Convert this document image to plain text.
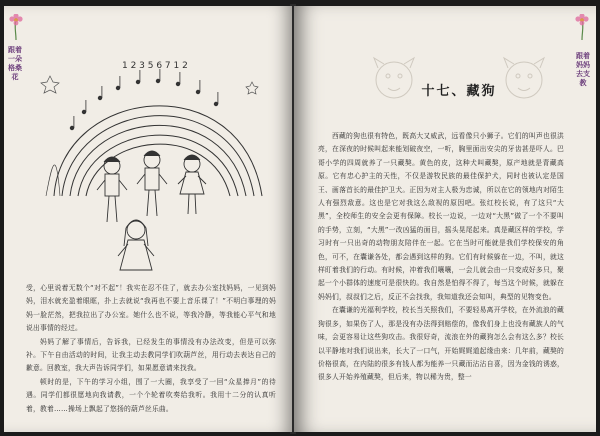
跟着一朵格桑花
1 2 3 5 6 7 1 2

受，心里说着无数个“对不起”！我实在忍不住了，就去办公室找妈妈，一见到妈妈，泪水就充盈着眼眶，扑上去就说“我再也不要上音乐课了！”不明白事理的妈妈一脸茫然，把我拉出了办公室。她什么也不说，等我冷静，等我能心平气和地说出事情的经过。

妈妈了解了事情后，告诉我，已经发生的事情没有办法改变，但是可以弥补。下午自由活动的时间，让我主动去教同学们吹葫芦丝，用行动去表达自己的歉意。回教室，我大声告诉同学们，如果愿意请来找我。

顿时的是，下午的学习小组，围了一大圈，我享受了一回“众星捧月”的待遇。同学们都很愿地向我请教，一个个轮着吹奏给我听。我用十二分的认真听着，教着……操场上飘起了悠扬的葫芦丝乐曲。

跟着妈妈去支教
十七、藏狗

西藏的狗也很有特色，既高大又威武，远看像只小狮子。它们的叫声也很洪亮，在深夜的时候叫起来能划破夜空，一听，胸里面出安尖的牙齿甚是吓人。巴哥小学的四周就养了一只藏獒。黄色的皮，这种犬叫藏獒，原产地就是青藏高原。它有忠心护主的天性，不仅是游牧民族的最佳保护犬，同时也被认定是国王、画落首长的最佳护卫犬。正因为对主人极为忠诚，所以在它的领地内对陌生人有强烈敌意。这也是它对我这么敌视的原因吧。张红校长说，有了这只“大黑”，全校师生的安全会更有保障。校长一边说，一边对“大黑”做了一个不要叫的手势，立刻，“大黑”一改凶猛的面目，摇头晃尾起来。真是藏区样的学校，学习时有一只出奇的动物朋友陪伴在一起。它在当时可能就是我们学校保安的角色，可不，在囊谦各处，都会遇到这样的狗。它们有时候躲在一边，不叫，就这样盯着我们的行动。有时候，冲着我们嚷嚷，一会儿就会由一只变成好多只，聚起一个小群体的速度可是很快的。我自然是怕得不得了，每当这个时候，就躲在妈妈们，叔叔们之后，反正不会找我，我知道我还会知叫，典型的见物变色。

在囊谦的光福利学校，校长当关照我们，不要轻易离开学校，在外流浪的藏狗很多，如果伤了人，那是没有办法得到赔偿的，像我们身上也没有藏族人的气味，会更容易让这些狗攻击。我很好奇，流浪在外的藏狗怎么会有这么多？校长以平静地对我们说出来，长大了一口气，开始娓娓道起缘由来：几年前，藏獒的价格很高，在内陆的很多有钱人都为能养一只藏而沾沾自喜，因为金钱的诱惑，很多人开始养殖藏獒，但后来，物以稀为贵，整一
